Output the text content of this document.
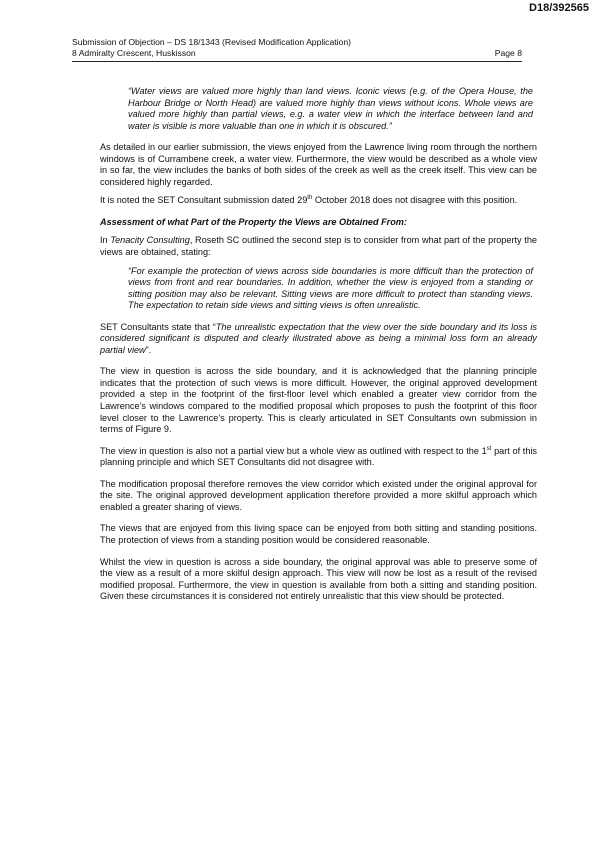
D18/392565
Submission of Objection – DS 18/1343 (Revised Modification Application)
8 Admiralty Crescent, Huskisson	Page 8

“Water views are valued more highly than land views. Iconic views (e.g. of the Opera House, the Harbour Bridge or North Head) are valued more highly than views without icons. Whole views are valued more highly than partial views, e.g. a water view in which the interface between land and water is visible is more valuable than one in which it is obscured.”

As detailed in our earlier submission, the views enjoyed from the Lawrence living room through the northern windows is of Currambene creek, a water view. Furthermore, the view would be described as a whole view in so far, the view includes the banks of both sides of the creek as well as the creek itself. This view can be considered highly regarded.

It is noted the SET Consultant submission dated 29th October 2018 does not disagree with this position.

Assessment of what Part of the Property the Views are Obtained From:

In Tenacity Consulting, Roseth SC outlined the second step is to consider from what part of the property the views are obtained, stating:

“For example the protection of views across side boundaries is more difficult than the protection of views from front and rear boundaries. In addition, whether the view is enjoyed from a standing or sitting position may also be relevant. Sitting views are more difficult to protect than standing views. The expectation to retain side views and sitting views is often unrealistic.

SET Consultants state that “The unrealistic expectation that the view over the side boundary and its loss is considered significant is disputed and clearly illustrated above as being a minimal loss form an already partial view”.

The view in question is across the side boundary, and it is acknowledged that the planning principle indicates that the protection of such views is more difficult. However, the original approved development provided a step in the footprint of the first-floor level which enabled a greater view corridor from the Lawrence’s windows compared to the modified proposal which proposes to push the footprint of this floor level closer to the Lawrence’s property. This is clearly articulated in SET Consultants own submission in terms of Figure 9.

The view in question is also not a partial view but a whole view as outlined with respect to the 1st part of this planning principle and which SET Consultants did not disagree with.

The modification proposal therefore removes the view corridor which existed under the original approval for the site. The original approved development application therefore provided a more skilful approach which enabled a greater sharing of views.

The views that are enjoyed from this living space can be enjoyed from both sitting and standing positions. The protection of views from a standing position would be considered reasonable.

Whilst the view in question is across a side boundary, the original approval was able to preserve some of the view as a result of a more skilful design approach. This view will now be lost as a result of the revised modified proposal. Furthermore, the view in question is available from both a sitting and standing position. Given these circumstances it is considered not entirely unrealistic that this view should be protected.
